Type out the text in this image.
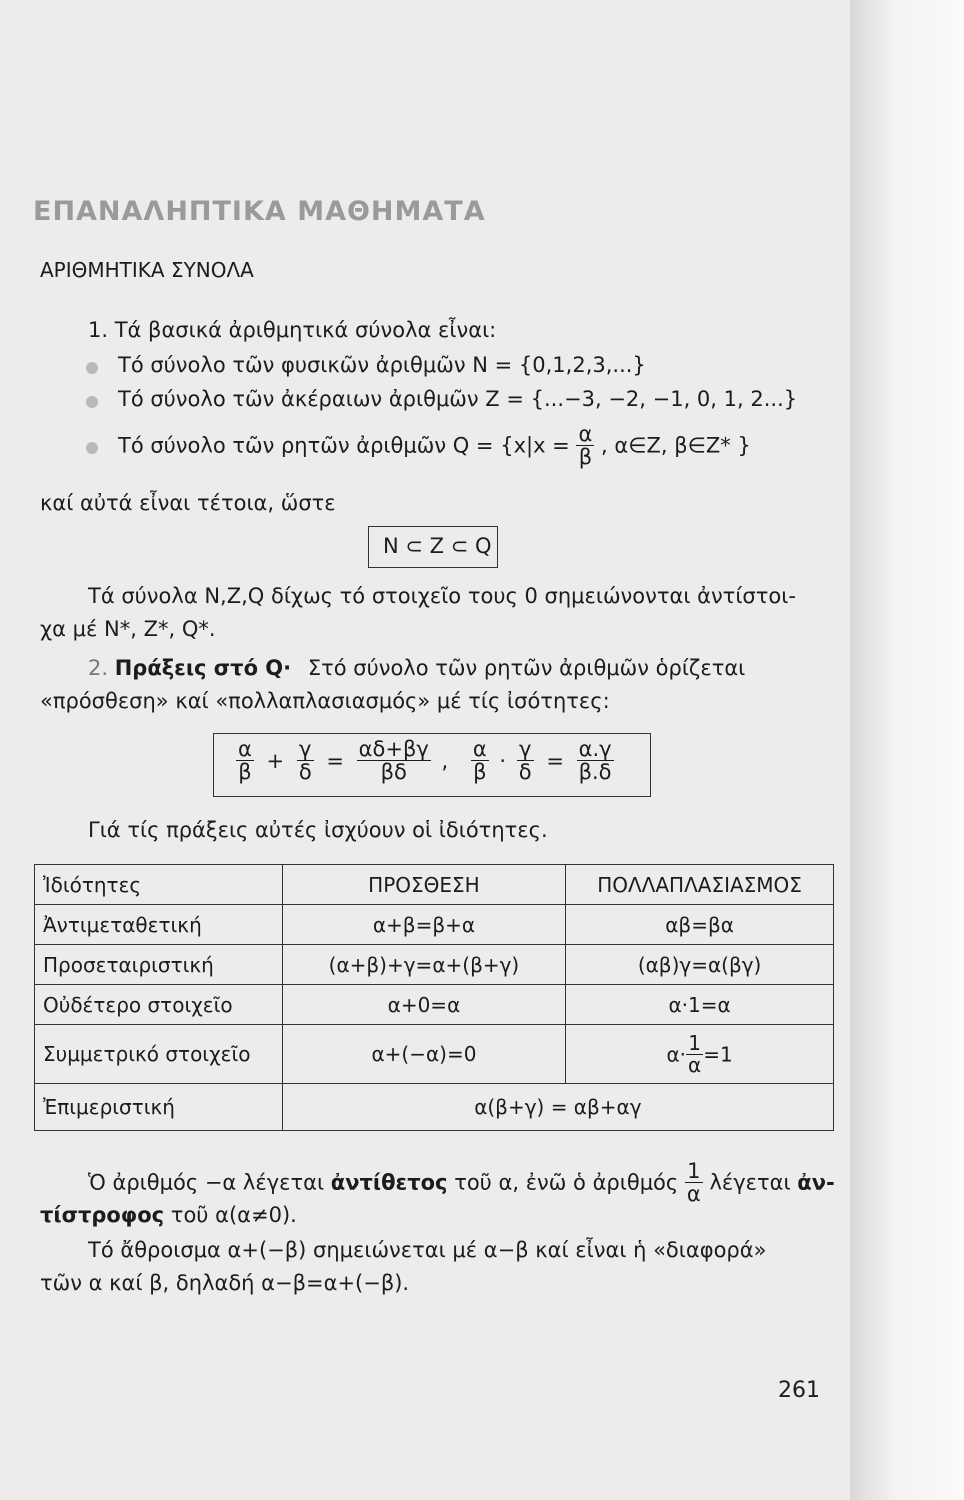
ΕΠΑΝΑΛΗΠΤΙΚΑ ΜΑΘΗΜΑΤΑ
ΑΡΙΘΜΗΤΙΚΑ ΣΥΝΟΛΑ
1. Τά βασικά ἀριθμητικά σύνολα εἶναι:
Τό σύνολο τῶν φυσικῶν ἀριθμῶν N = {0,1,2,3,...}
Τό σύνολο τῶν ἀκέραιων ἀριθμῶν Z = {...−3, −2, −1, 0, 1, 2...}
Τό σύνολο τῶν ρητῶν ἀριθμῶν $Q = \{x|x = \frac{\alpha}{\beta}$ , α∈Z, β∈Z* }
καί αὐτά εἶναι τέτοια, ὥστε
N ⊂ Z ⊂ Q
Τά σύνολα N,Z,Q δίχως τό στοιχεῖο τους 0 σημειώνονται ἀντίστοι-
χα μέ N*, Z*, Q*.
2. Πράξεις στό Q· Στό σύνολο τῶν ρητῶν ἀριθμῶν ὁρίζεται
«πρόσθεση» καί «πολλαπλασιασμός» μέ τίς ἰσότητες:
$\frac{\alpha}{\beta} + \frac{\gamma}{\delta} = \frac{\alpha\delta+\beta\gamma}{\beta\delta}$ , $\frac{\alpha}{\beta} \cdot \frac{\gamma}{\delta} = \frac{\alpha.\gamma}{\beta.\delta}$
Γιά τίς πράξεις αὐτές ἰσχύουν οἱ ἰδιότητες.
Ἰδιότητες	ΠΡΟΣΘΕΣΗ	ΠΟΛΛΑΠΛΑΣΙΑΣΜΟΣ
Ἀντιμεταθετική	α+β=β+α	αβ=βα
Προσεταιριστική	(α+β)+γ=α+(β+γ)	(αβ)γ=α(βγ)
Οὐδέτερο στοιχεῖο	α+0=α	α·1=α
Συμμετρικό στοιχεῖο	α+(−α)=0	$\alpha\cdot \frac{1}{\alpha} =1$
Ἐπιμεριστική	α(β+γ) = αβ+αγ	
Ὁ ἀριθμός −α λέγεται ἀντίθετος τοῦ α, ἐνῶ ὁ ἀριθμός $\frac{1}{\alpha}$ λέγεται ἀν-
τίστροφος τοῦ α(α≠0).
Τό ἄθροισμα α+(−β) σημειώνεται μέ α−β καί εἶναι ἡ «διαφορά»
τῶν α καί β, δηλαδή α−β=α+(−β).
261
